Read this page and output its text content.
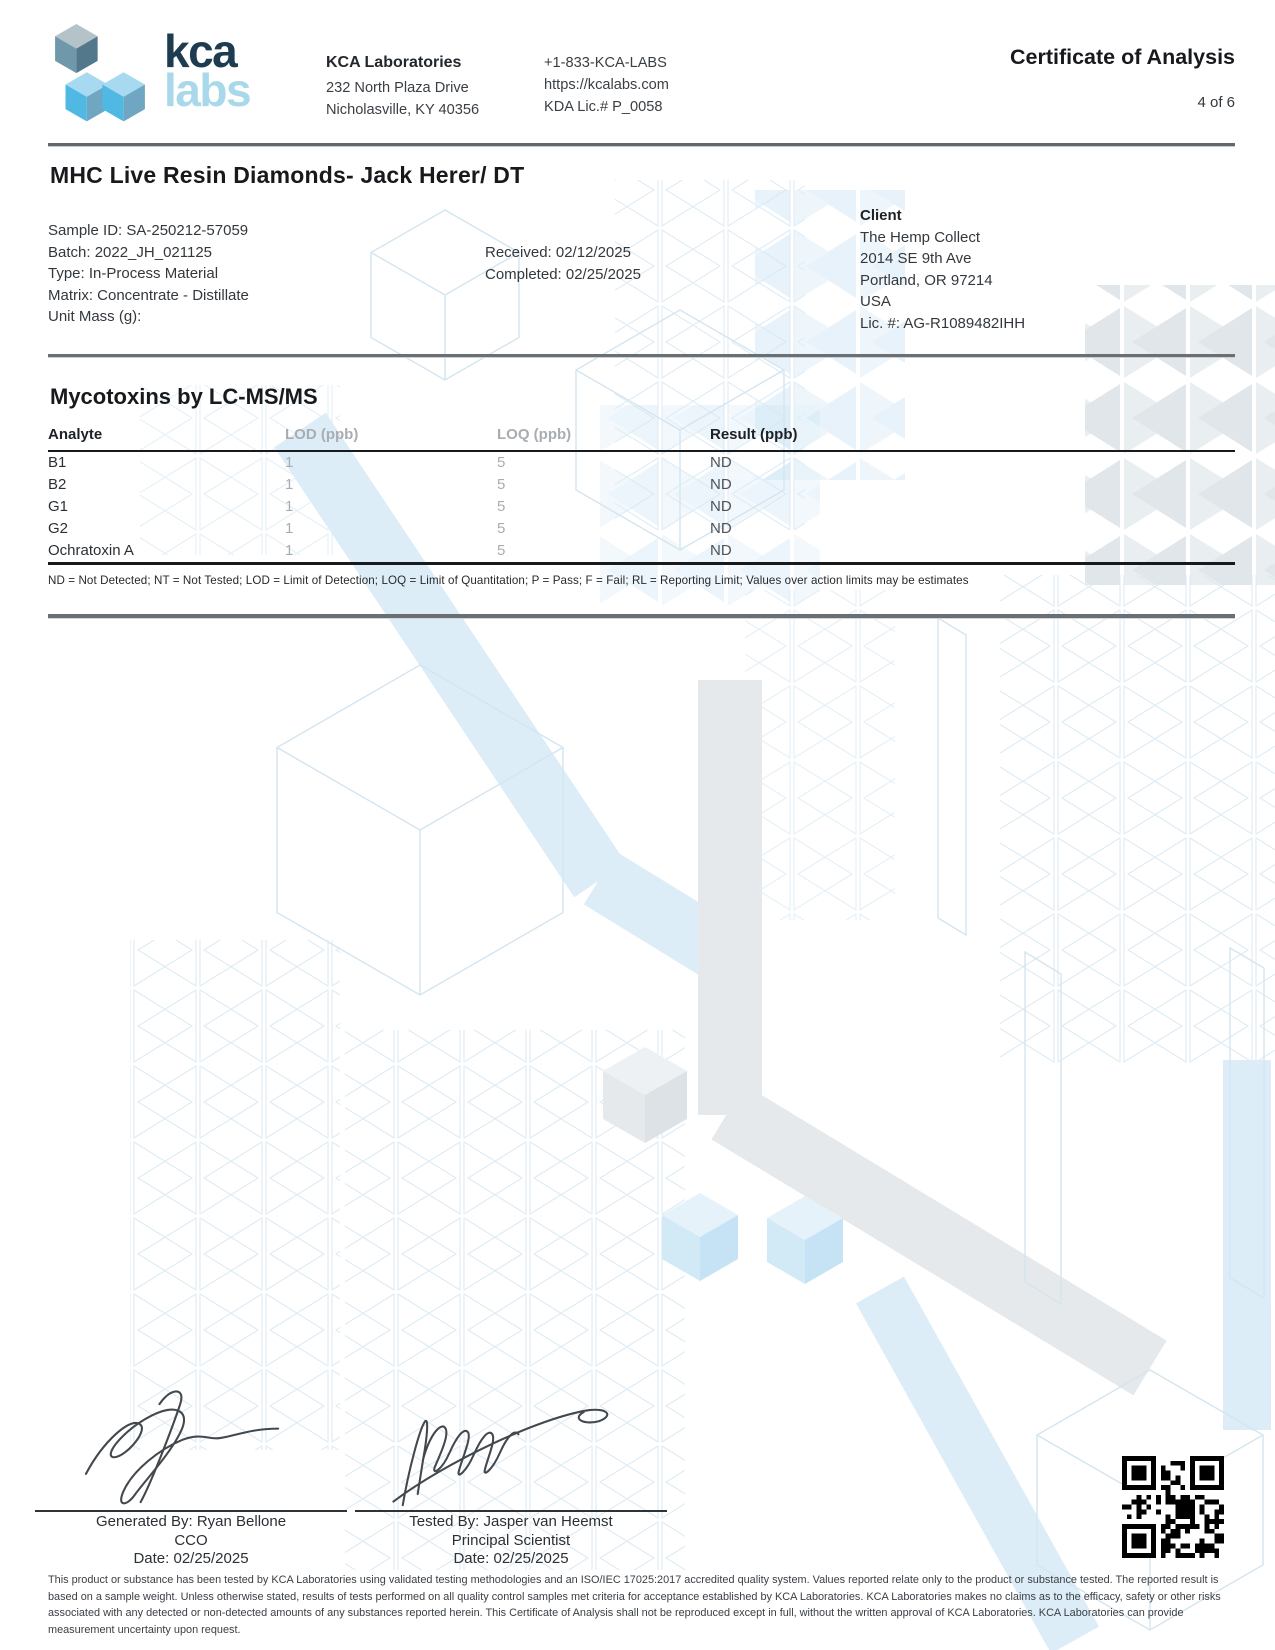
kca
labs
KCA Laboratories
232 North Plaza Drive
Nicholasville, KY 40356
+1-833-KCA-LABS
https://kcalabs.com
KDA Lic.# P_0058
Certificate of Analysis
4 of 6
MHC Live Resin Diamonds- Jack Herer/ DT
Sample ID: SA-250212-57059
Batch: 2022_JH_021125
Type: In-Process Material
Matrix: Concentrate - Distillate
Unit Mass (g):
Received: 02/12/2025
Completed: 02/25/2025
Client
The Hemp Collect
2014 SE 9th Ave
Portland, OR 97214
USA
Lic. #: AG-R1089482IHH
Mycotoxins by LC-MS/MS
Analyte	LOD (ppb)	LOQ (ppb)	Result (ppb)
B1	1	5	ND
B2	1	5	ND
G1	1	5	ND
G2	1	5	ND
Ochratoxin A	1	5	ND
ND = Not Detected; NT = Not Tested; LOD = Limit of Detection; LOQ = Limit of Quantitation; P = Pass; F = Fail; RL = Reporting Limit; Values over action limits may be estimates
Generated By: Ryan Bellone
CCO
Date: 02/25/2025
Tested By: Jasper van Heemst
Principal Scientist
Date: 02/25/2025

This product or substance has been tested by KCA Laboratories using validated testing methodologies and an ISO/IEC 17025:2017 accredited quality system. Values reported relate only to the product or substance tested. The reported result is based on a sample weight. Unless otherwise stated, results of tests performed on all quality control samples met criteria for acceptance established by KCA Laboratories. KCA Laboratories makes no claims as to the efficacy, safety or other risks associated with any detected or non-detected amounts of any substances reported herein. This Certificate of Analysis shall not be reproduced except in full, without the written approval of KCA Laboratories. KCA Laboratories can provide measurement uncertainty upon request.
